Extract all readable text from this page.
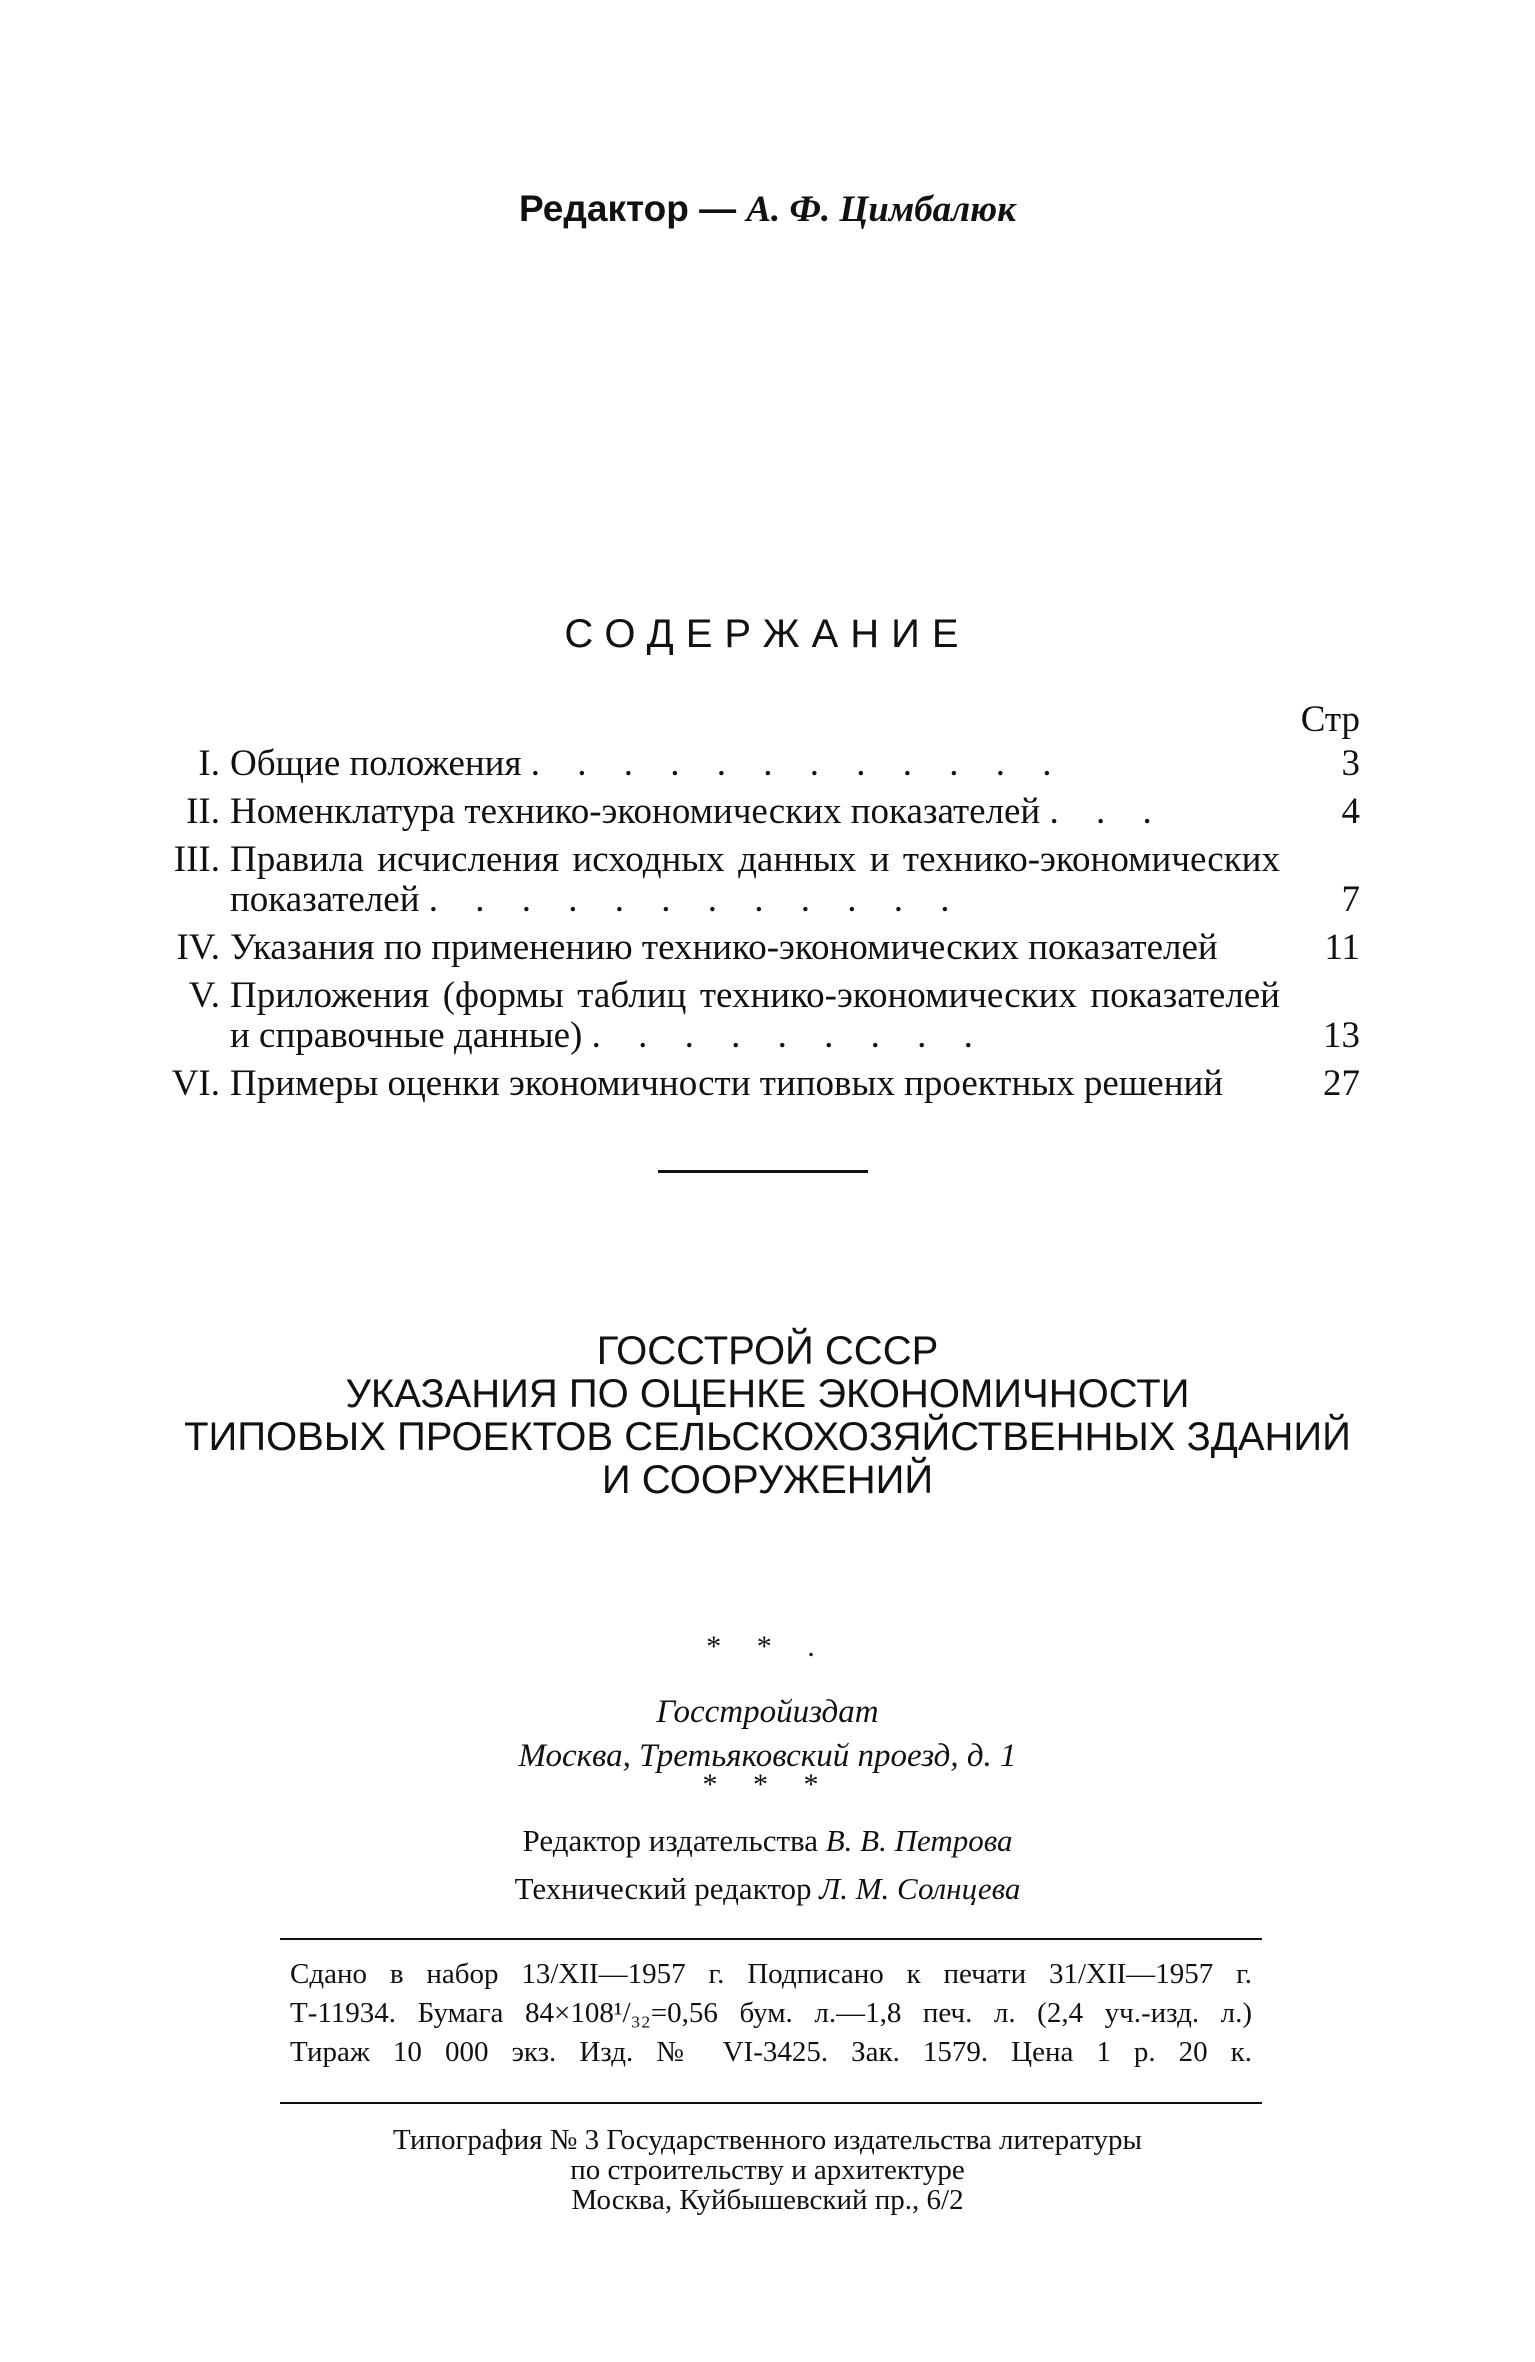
Редактор — А. Ф. Цимбалюк
СОДЕРЖАНИЕ
Стр
I. Общие положения . . . . . . . . . . . .	3
II. Номенклатура технико-экономических показателей . . .	4
III. Правила исчисления исходных данных и технико-экономических показателей . . . . . . . . . . . .	7
IV. Указания по применению технико-экономических показателей	11
V. Приложения (формы таблиц технико-экономических показателей и справочные данные) . . . . . . . . .	13
VI. Примеры оценки экономичности типовых проектных решений	27
ГОССТРОЙ СССР
УКАЗАНИЯ ПО ОЦЕНКЕ ЭКОНОМИЧНОСТИ
ТИПОВЫХ ПРОЕКТОВ СЕЛЬСКОХОЗЯЙСТВЕННЫХ ЗДАНИЙ
И СООРУЖЕНИЙ
* * .
Госстройиздат
Москва, Третьяковский проезд, д. 1
* * *
Редактор издательства В. В. Петрова
Технический редактор Л. М. Солнцева
Сдано в набор 13/XII—1957 г. Подписано к печати 31/XII—1957 г.
Т-11934. Бумага 84×108¹/₃₂=0,56 бум. л.—1,8 печ. л. (2,4 уч.-изд. л.)
Тираж 10 000 экз. Изд. № VI-3425. Зак. 1579. Цена 1 р. 20 к.
Типография № 3 Государственного издательства литературы
по строительству и архитектуре
Москва, Куйбышевский пр., 6/2
